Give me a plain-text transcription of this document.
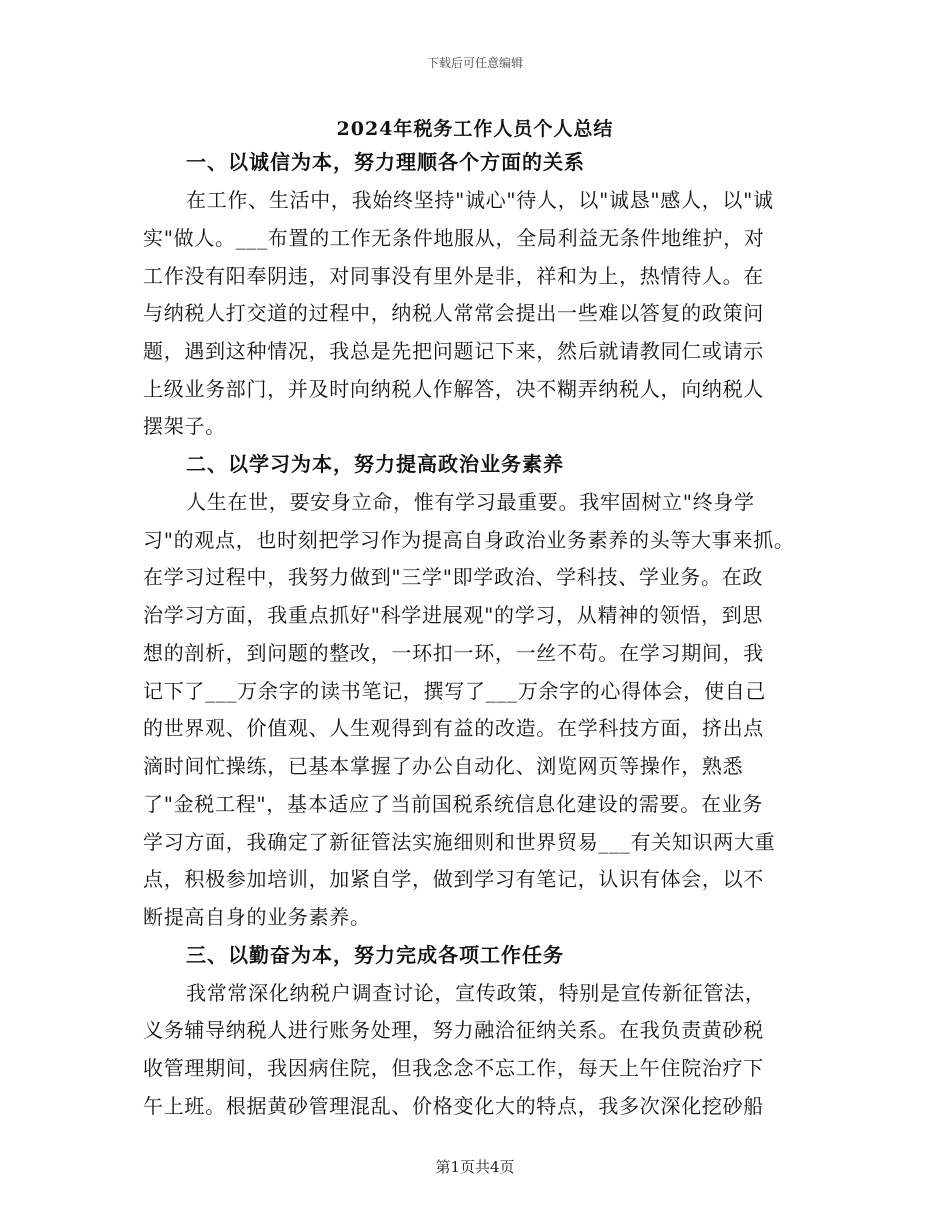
下载后可任意编辑
2024年税务工作人员个人总结
一、以诚信为本，努力理顺各个方面的关系
在工作、生活中，我始终坚持"诚心"待人，以"诚恳"感人，以"诚
实"做人。___布置的工作无条件地服从，全局利益无条件地维护，对
工作没有阳奉阴违，对同事没有里外是非，祥和为上，热情待人。在
与纳税人打交道的过程中，纳税人常常会提出一些难以答复的政策问
题，遇到这种情况，我总是先把问题记下来，然后就请教同仁或请示
上级业务部门，并及时向纳税人作解答，决不糊弄纳税人，向纳税人
摆架子。
二、以学习为本，努力提高政治业务素养
人生在世，要安身立命，惟有学习最重要。我牢固树立"终身学
习"的观点，也时刻把学习作为提高自身政治业务素养的头等大事来抓。
在学习过程中，我努力做到"三学"即学政治、学科技、学业务。在政
治学习方面，我重点抓好"科学进展观"的学习，从精神的领悟，到思
想的剖析，到问题的整改，一环扣一环，一丝不苟。在学习期间，我
记下了___万余字的读书笔记，撰写了___万余字的心得体会，使自己
的世界观、价值观、人生观得到有益的改造。在学科技方面，挤出点
滴时间忙操练，已基本掌握了办公自动化、浏览网页等操作，熟悉
了"金税工程"，基本适应了当前国税系统信息化建设的需要。在业务
学习方面，我确定了新征管法实施细则和世界贸易___有关知识两大重
点，积极参加培训，加紧自学，做到学习有笔记，认识有体会，以不
断提高自身的业务素养。
三、以勤奋为本，努力完成各项工作任务
我常常深化纳税户调查讨论，宣传政策，特别是宣传新征管法，
义务辅导纳税人进行账务处理，努力融洽征纳关系。在我负责黄砂税
收管理期间，我因病住院，但我念念不忘工作，每天上午住院治疗下
午上班。根据黄砂管理混乱、价格变化大的特点，我多次深化挖砂船
第1页共4页
